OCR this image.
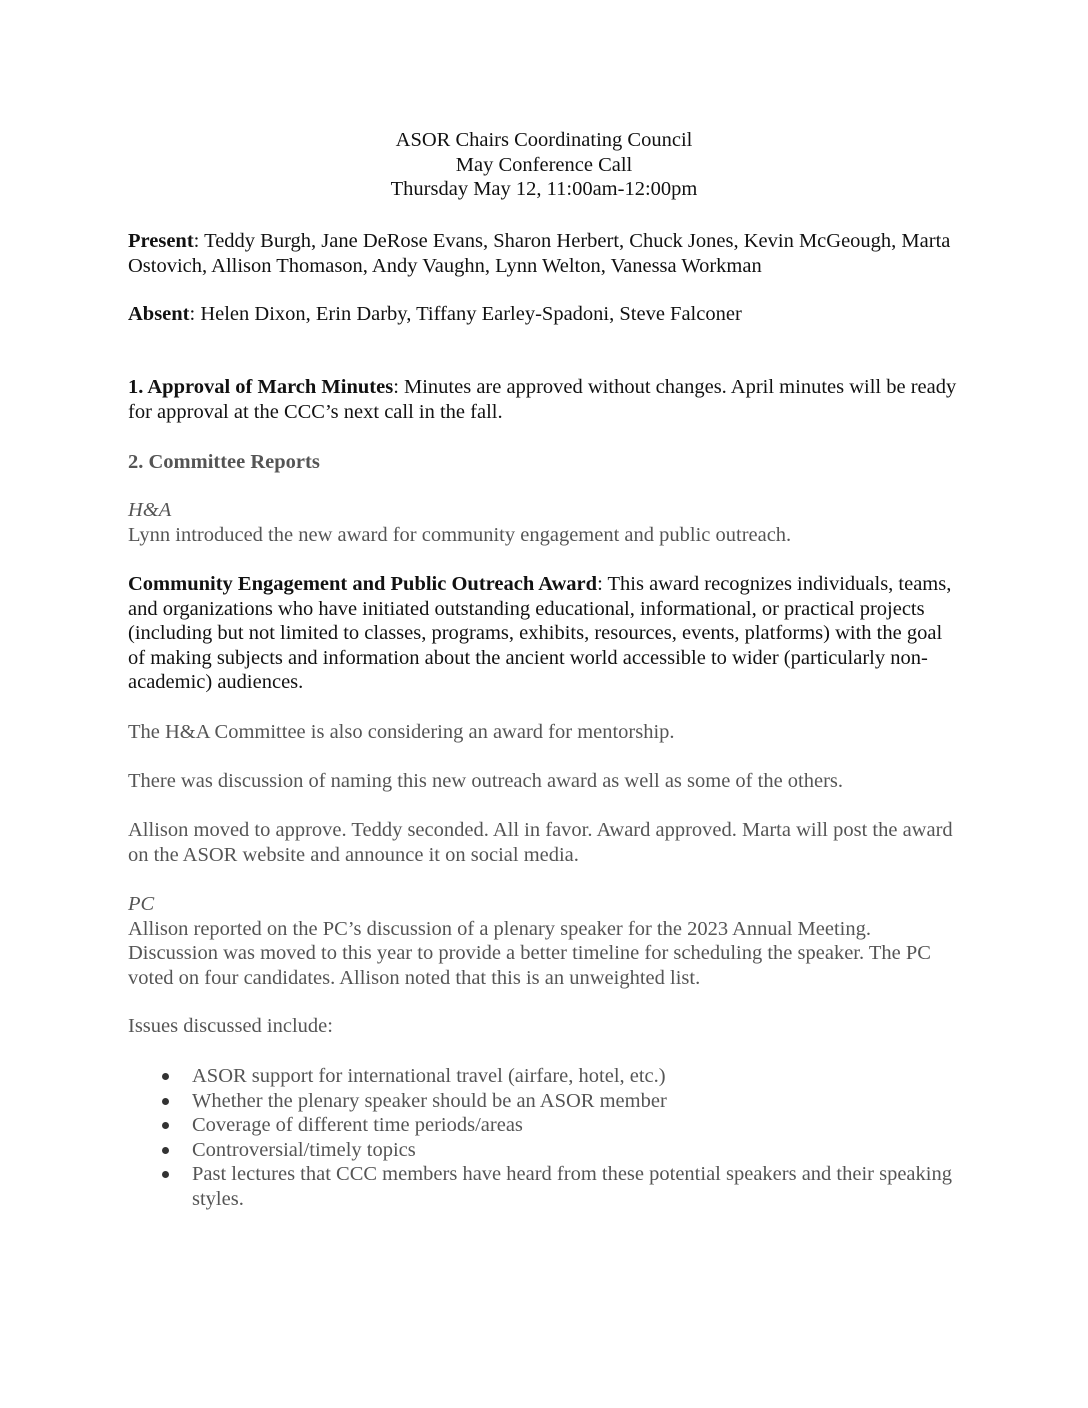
ASOR Chairs Coordinating Council
May Conference Call
Thursday May 12, 11:00am-12:00pm

Present: Teddy Burgh, Jane DeRose Evans, Sharon Herbert, Chuck Jones, Kevin McGeough, Marta Ostovich, Allison Thomason, Andy Vaughn, Lynn Welton, Vanessa Workman

Absent: Helen Dixon, Erin Darby, Tiffany Earley-Spadoni, Steve Falconer

1. Approval of March Minutes: Minutes are approved without changes. April minutes will be ready for approval at the CCC’s next call in the fall.

2. Committee Reports

H&A

Lynn introduced the new award for community engagement and public outreach.

Community Engagement and Public Outreach Award: This award recognizes individuals, teams, and organizations who have initiated outstanding educational, informational, or practical projects (including but not limited to classes, programs, exhibits, resources, events, platforms) with the goal of making subjects and information about the ancient world accessible to wider (particularly non-academic) audiences.

The H&A Committee is also considering an award for mentorship.

There was discussion of naming this new outreach award as well as some of the others.

Allison moved to approve. Teddy seconded. All in favor. Award approved. Marta will post the award on the ASOR website and announce it on social media.

PC

Allison reported on the PC’s discussion of a plenary speaker for the 2023 Annual Meeting. Discussion was moved to this year to provide a better timeline for scheduling the speaker. The PC voted on four candidates. Allison noted that this is an unweighted list.

Issues discussed include:

ASOR support for international travel (airfare, hotel, etc.)
Whether the plenary speaker should be an ASOR member
Coverage of different time periods/areas
Controversial/timely topics
Past lectures that CCC members have heard from these potential speakers and their speaking styles.
